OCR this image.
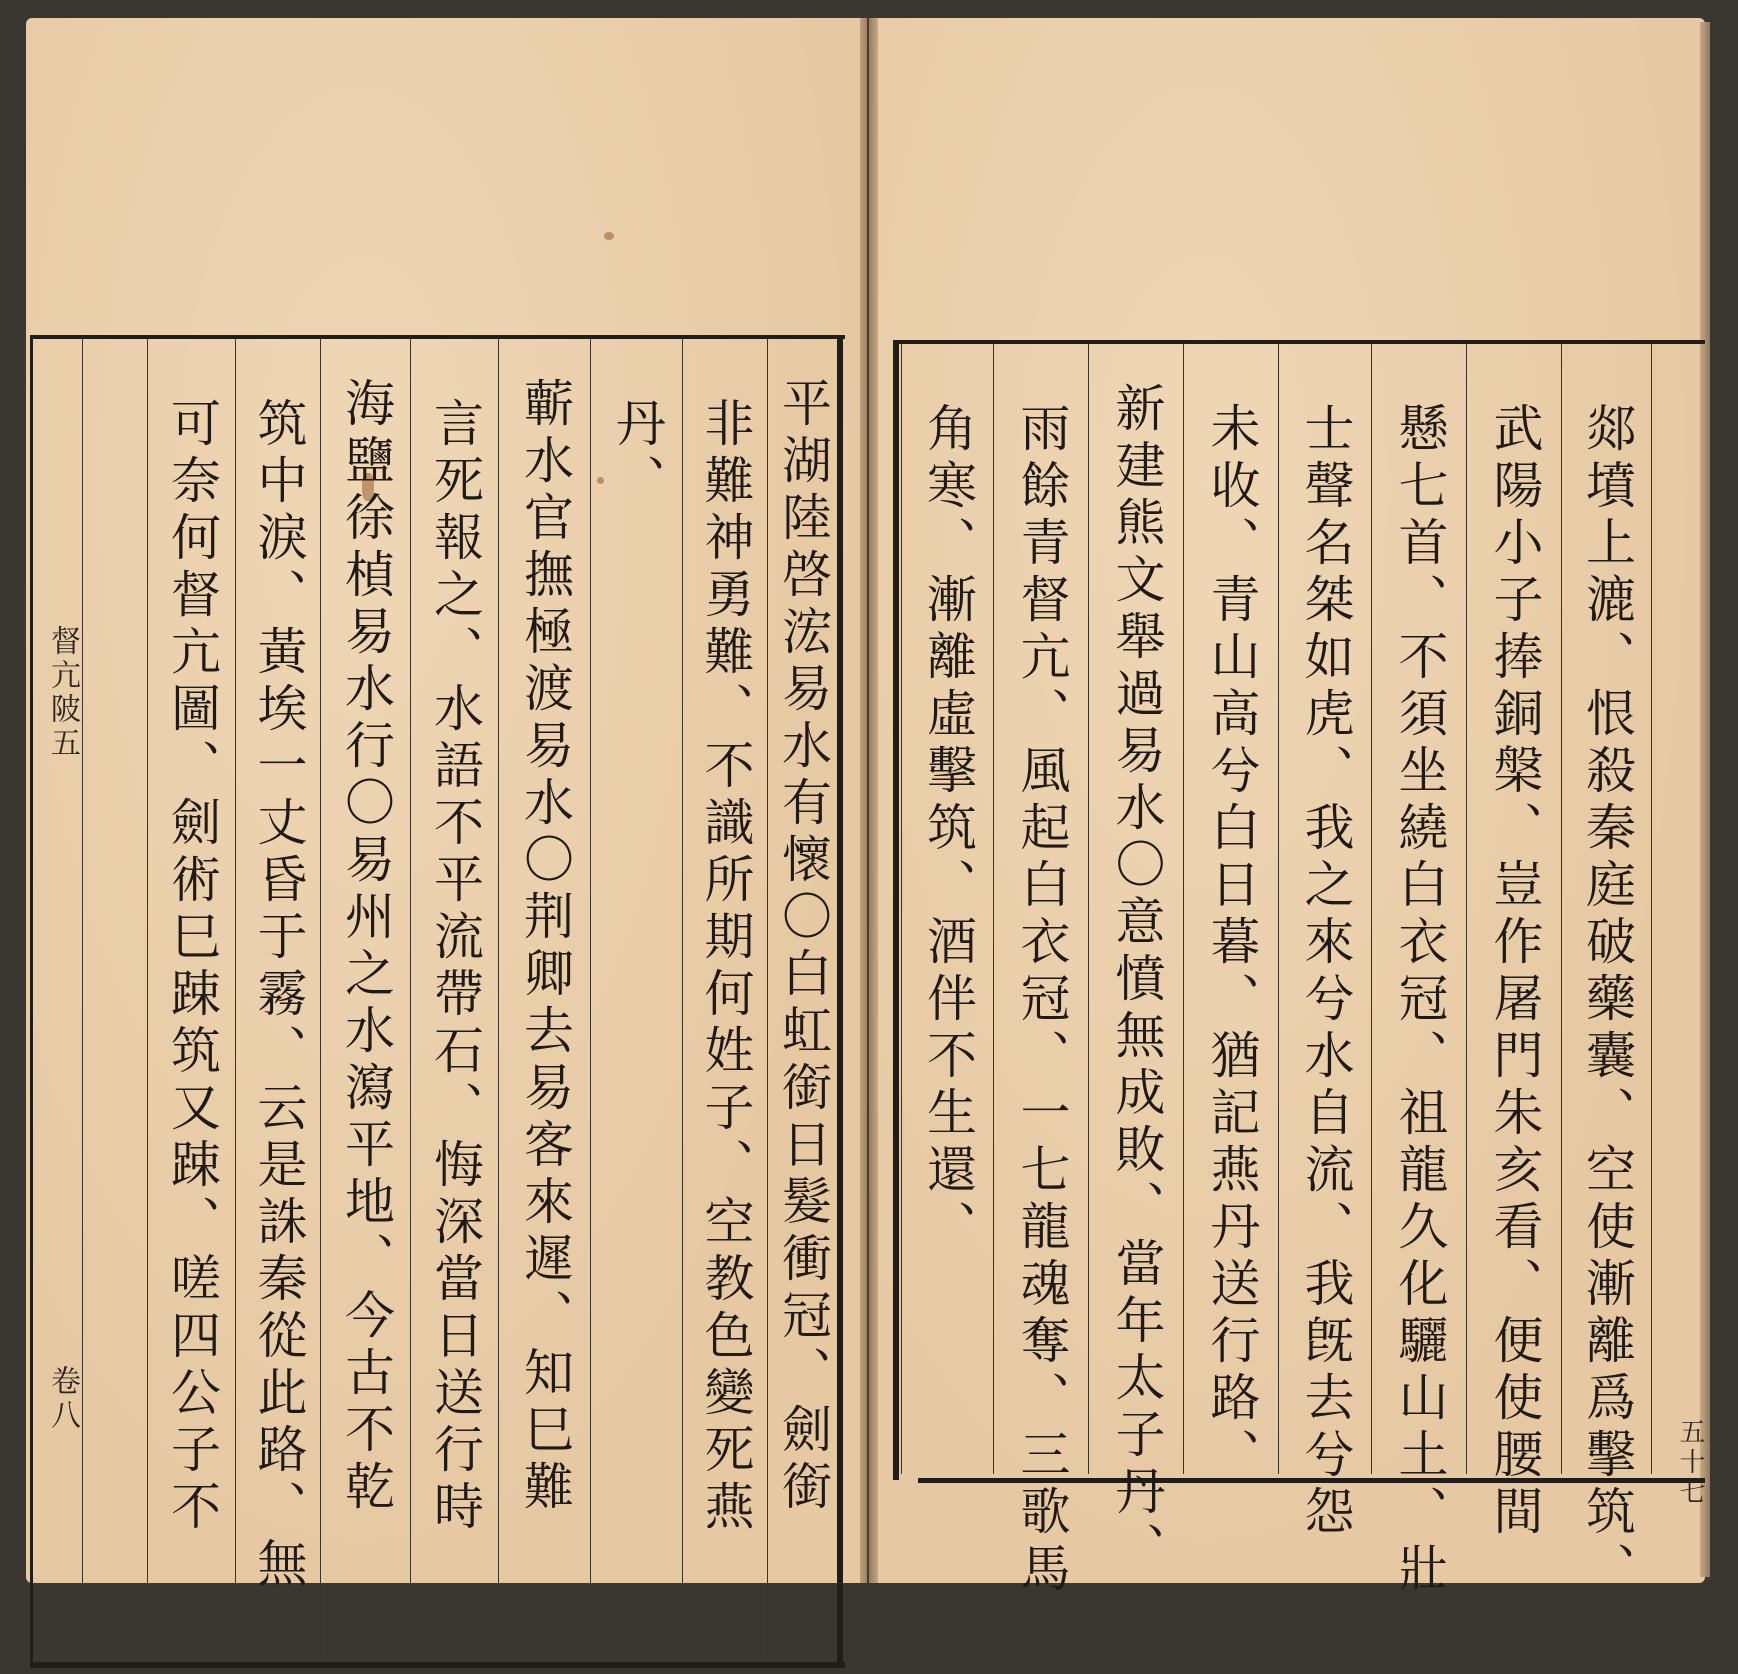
平湖陸啓浤易水有懷〇白虹銜日髮衝冠、劍銜
非難神勇難、不識所期何姓子、空教色變死燕
丹、
蘄水官撫極渡易水〇荆卿去易客來遲、知巳難
言死報之、水語不平流帶石、悔深當日送行時
海鹽徐楨易水行〇易州之水瀉平地、今古不乾
筑中淚、黃埃一丈昏于霧、云是誅秦從此路、無
可奈何督亢圖、劍術巳踈筑又踈、嗟四公子不
督亢陂五
卷八	郯墳上漉、恨殺秦庭破藥囊、空使漸離爲擊筑、
武陽小子捧銅槃、豈作屠門朱亥看、便使腰間
懸七首、不須坐繞白衣冠、祖龍久化驪山土、壯
士聲名桀如虎、我之來兮水自流、我旣去兮怨
未收、青山高兮白日暮、猶記燕丹送行路、
新建熊文舉過易水〇意憤無成敗、當年太子丹、
雨餘青督亢、風起白衣冠、一七龍魂奪、三歌馬
角寒、漸離虛擊筑、酒伴不生還、
五十七
